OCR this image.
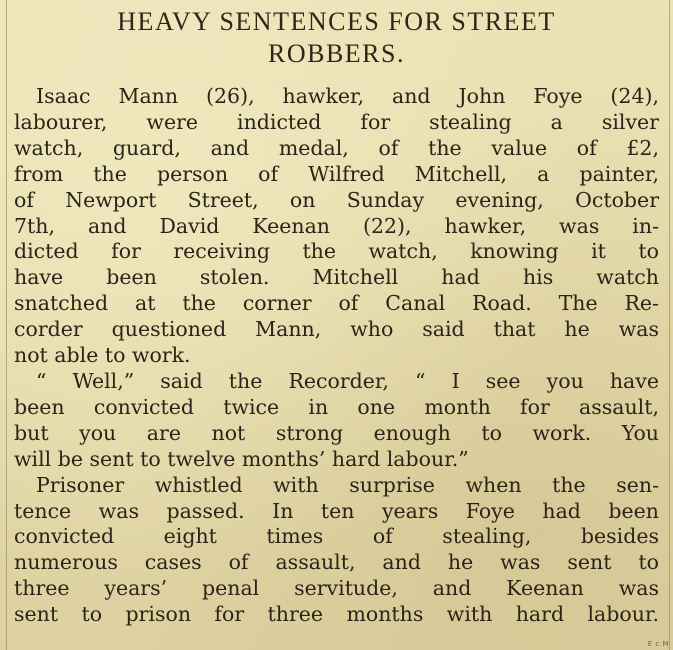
HEAVY SENTENCES FOR STREET
ROBBERS.

Isaac Mann (26), hawker, and John Foye (24),
labourer, were indicted for stealing a silver
watch, guard, and medal, of the value of £2,
from the person of Wilfred Mitchell, a painter,
of Newport Street, on Sunday evening, October
7th, and David Keenan (22), hawker, was in-
dicted for receiving the watch, knowing it to
have been stolen. Mitchell had his watch
snatched at the corner of Canal Road. The Re-
corder questioned Mann, who said that he was
not able to work.

“ Well,” said the Recorder, “ I see you have
been convicted twice in one month for assault,
but you are not strong enough to work. You
will be sent to twelve months’ hard labour.”

Prisoner whistled with surprise when the sen-
tence was passed. In ten years Foye had been
convicted eight times of stealing, besides
numerous cases of assault, and he was sent to
three years’ penal servitude, and Keenan was
sent to prison for three months with hard labour.

E c M
